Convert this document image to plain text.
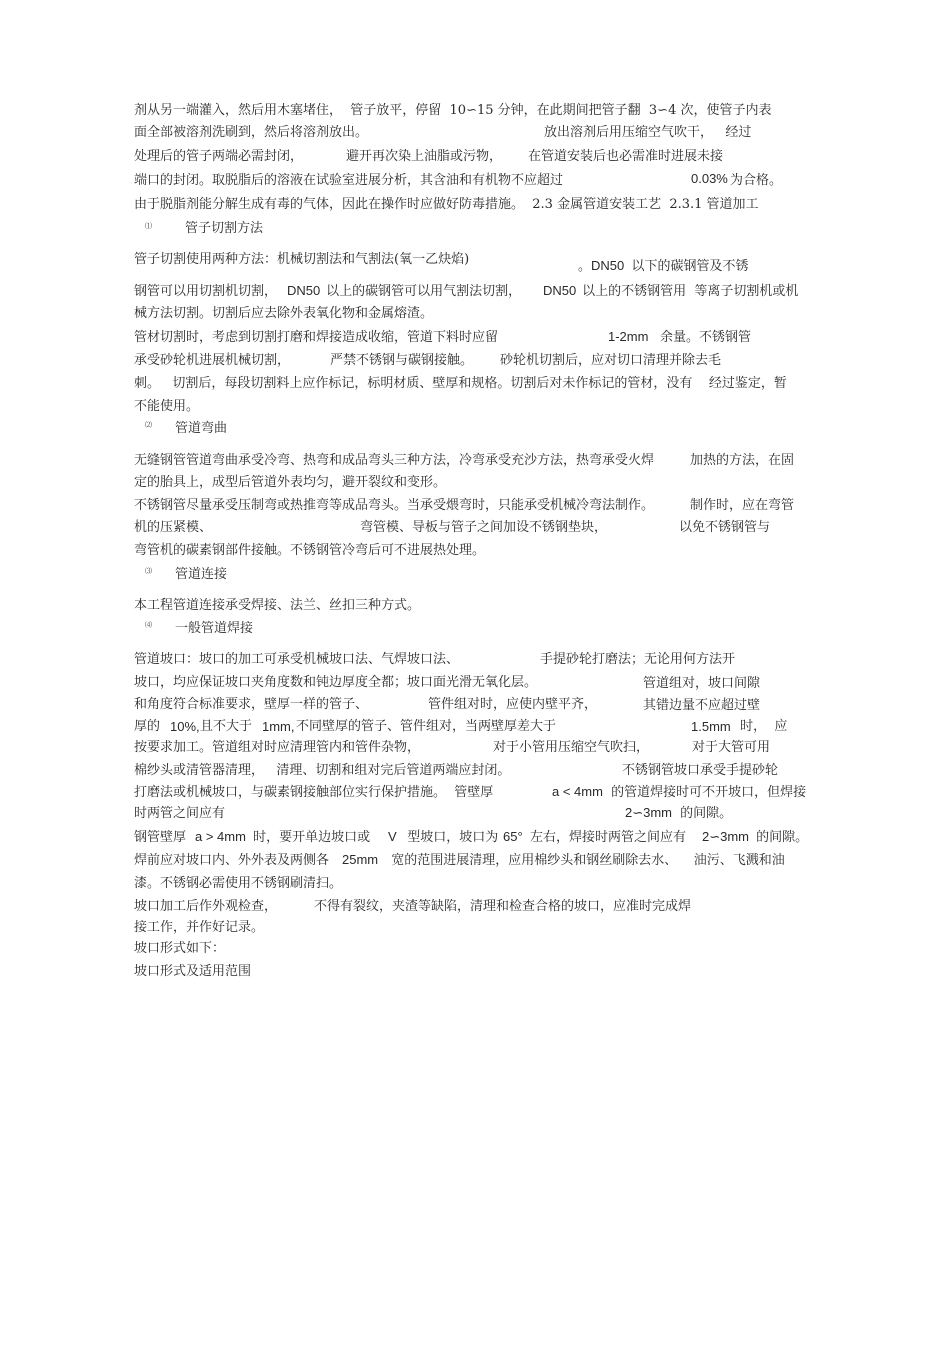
剂从另一端灌入，然后用木塞堵住，  管子放平，停留  10∽15 分钟，在此期间把管子翻  3∽4 次，使管子内表
面全部被溶剂洗刷到，然后将溶剂放出。	放出溶剂后用压缩空气吹干，   经过
处理后的管子两端必需封闭，	避开再次染上油脂或污物， 在管道安装后也必需准时进展未接
端口的封闭。取脱脂后的溶液在试验室进展分析，其含油和有机物不应超过	0.03% 为合格。
由于脱脂剂能分解生成有毒的气体，因此在操作时应做好防毒措施。  2.3 金属管道安装工艺  2.3.1 管道加工
⑴	管子切割方法
管子切割使用两种方法：机械切割法和气割法(氧一乙炔焰)	。DN50  以下的碳钢管及不锈
钢管可以用切割机切割， DN50 以上的碳钢管可以用气割法切割， DN50 以上的不锈钢管用  等离子切割机或机
械方法切割。切割后应去除外表氧化物和金属熔渣。
管材切割时，考虑到切割打磨和焊接造成收缩，管道下料时应留	1-2mm 余量。不锈钢管
承受砂轮机进展机械切割，	严禁不锈钢与碳钢接触。 砂轮机切割后，应对切口清理并除去毛
刺。   切割后，每段切割料上应作标记，标明材质、壁厚和规格。切割后对未作标记的管材，没有    经过鉴定，暂
不能使用。
⑵ 管道弯曲
无缝钢管管道弯曲承受冷弯、热弯和成品弯头三种方法，冷弯承受充沙方法，热弯承受火焊	加热的方法，在固
定的胎具上，成型后管道外表均匀，避开裂纹和变形。
不锈钢管尽量承受压制弯或热推弯等成品弯头。当承受煨弯时，只能承受机械冷弯法制作。	制作时，应在弯管
机的压紧模、	弯管模、导板与管子之间加设不锈钢垫块，	以免不锈钢管与
弯管机的碳素钢部件接触。不锈钢管冷弯后可不进展热处理。
⑶ 管道连接
本工程管道连接承受焊接、法兰、丝扣三种方式。
⑷ 一般管道焊接
管道坡口：坡口的加工可承受机械坡口法、气焊坡口法、	手提砂轮打磨法；无论用何方法开
坡口，均应保证坡口夹角度数和钝边厚度全都；坡口面光滑无氧化层。	管道组对，坡口间隙
和角度符合标准要求，壁厚一样的管子、	管件组对时，应使内壁平齐，	其错边量不应超过壁
厚的 10%, 且不大于 1mm, 不同壁厚的管子、管件组对，当两壁厚差大于	1.5mm 时，  应
按要求加工。管道组对时应清理管内和管件杂物，	对于小管用压缩空气吹扫，	对于大管可用
棉纱头或清管器清理，   清理、切割和组对完后管道两端应封闭。	不锈钢管坡口承受手提砂轮
打磨法或机械坡口，与碳素钢接触部位实行保护措施。  管壁厚	a < 4mm 的管道焊接时可不开坡口，但焊接
时两管之间应有	2∽3mm 的间隙。
钢管壁厚 a > 4mm 时，要开单边坡口或 V 型坡口，坡口为
65° 左右，焊接时两管之间应有 2∽3mm 的间隙。
焊前应对坡口内、外外表及两侧各 25mm 宽的范围进展清理，应用棉纱头和钢丝刷除去水、    油污、飞溅和油
漆。不锈钢必需使用不锈钢刷清扫。
坡口加工后作外观检查，	不得有裂纹，夹渣等缺陷，清理和检查合格的坡口，应准时完成焊
接工作，并作好记录。
坡口形式如下：
坡口形式及适用范围
